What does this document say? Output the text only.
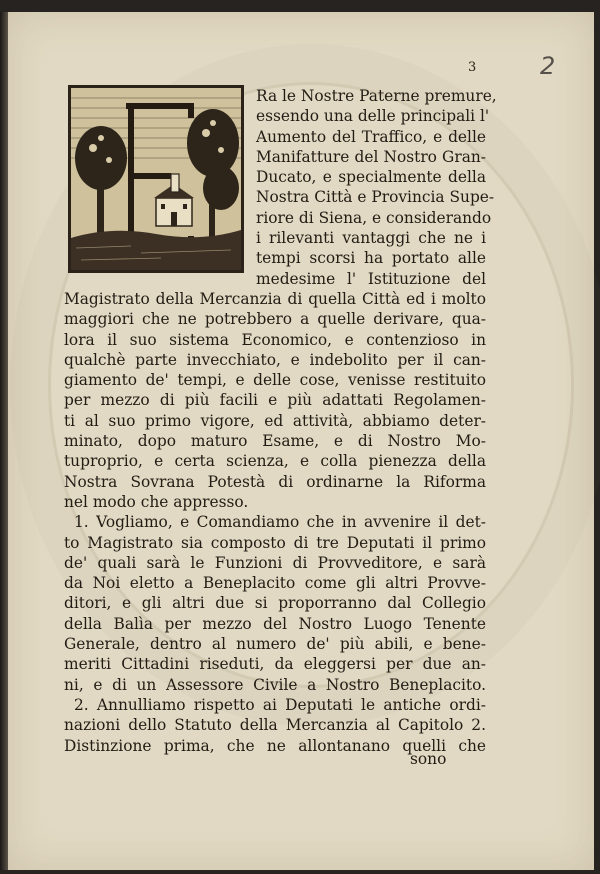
3	2
Ra le Nostre Paterne premure,
essendo una delle principali l'
Aumento del Traffico, e delle
Manifatture del Nostro Gran-
Ducato, e specialmente della
Nostra Città e Provincia Supe-
riore di Siena, e considerando
i rilevanti vantaggi che ne i
tempi scorsi ha portato alle
medesime l' Istituzione del
Magistrato della Mercanzia di quella Città ed i molto
maggiori che ne potrebbero a quelle derivare, qua-
lora il suo sistema Economico, e contenzioso in
qualchè parte invecchiato, e indebolito per il can-
giamento de' tempi, e delle cose, venisse restituito
per mezzo di più facili e più adattati Regolamen-
ti al suo primo vigore, ed attività, abbiamo deter-
minato, dopo maturo Esame, e di Nostro Mo-
tuproprio, e certa scienza, e colla pienezza della
Nostra Sovrana Potestà di ordinarne la Riforma
nel modo che appresso.
1. Vogliamo, e Comandiamo che in avvenire il det-
to Magistrato sia composto di tre Deputati il primo
de' quali sarà le Funzioni di Provveditore, e sarà
da Noi eletto a Beneplacito come gli altri Provve-
ditori, e gli altri due si proporranno dal Collegio
della Balìa per mezzo del Nostro Luogo Tenente
Generale, dentro al numero de' più abili, e bene-
meriti Cittadini riseduti, da eleggersi per due an-
ni, e di un Assessore Civile a Nostro Beneplacito.
2. Annulliamo rispetto ai Deputati le antiche ordi-
nazioni dello Statuto della Mercanzia al Capitolo 2.
Distinzione prima, che ne allontanano quelli che
sono
